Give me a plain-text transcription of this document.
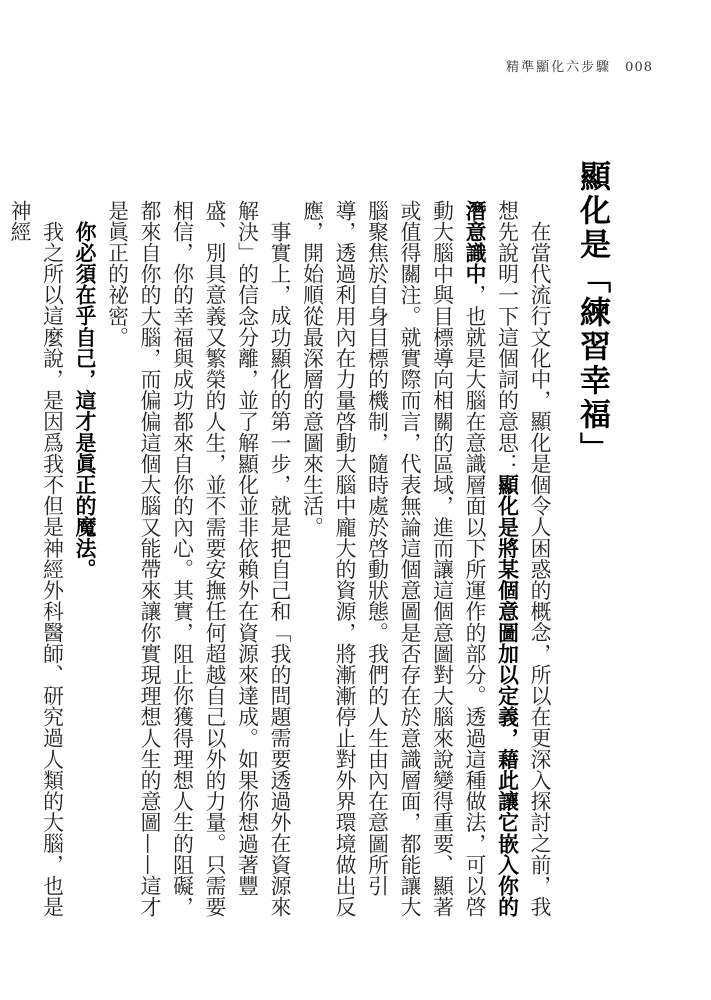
精準顯化六步驟 008
顯化是「練習幸福」

在當代流行文化中，顯化是個令人困惑的概念，所以在更深入探討之前，我想先說明一下這個詞的意思：顯化是將某個意圖加以定義，藉此讓它嵌入你的潛意識中，也就是大腦在意識層面以下所運作的部分。透過這種做法，可以啓動大腦中與目標導向相關的區域，進而讓這個意圖對大腦來說變得重要、顯著或值得關注。就實際而言，代表無論這個意圖是否存在於意識層面，都能讓大腦聚焦於自身目標的機制，隨時處於啓動狀態。我們的人生由內在意圖所引導，透過利用內在力量啓動大腦中龐大的資源，將漸漸停止對外界環境做出反應，開始順從最深層的意圖來生活。

事實上，成功顯化的第一步，就是把自己和「我的問題需要透過外在資源來解決」的信念分離，並了解顯化並非依賴外在資源來達成。如果你想過著豐盛、別具意義又繁榮的人生，並不需要安撫任何超越自己以外的力量。只需要相信，你的幸福與成功都來自你的內心。其實，阻止你獲得理想人生的阻礙，都來自你的大腦，而偏偏這個大腦又能帶來讓你實現理想人生的意圖——這才是眞正的祕密。

你必須在乎自己，這才是眞正的魔法。

我之所以這麼說，是因爲我不但是神經外科醫師、研究過人類的大腦，也是神經
